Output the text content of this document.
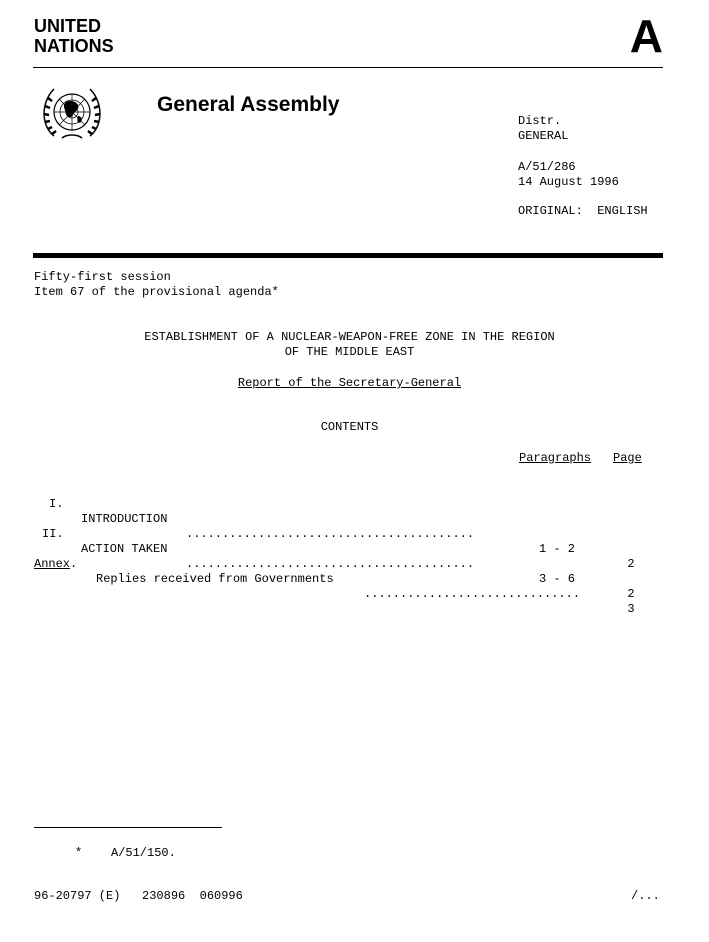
UNITED
NATIONS	A
General Assembly
Distr.
GENERAL
A/51/286
14 August 1996
ORIGINAL:  ENGLISH
Fifty-first session
Item 67 of the provisional agenda*
ESTABLISHMENT OF A NUCLEAR-WEAPON-FREE ZONE IN THE REGION
OF THE MIDDLE EAST
Report of the Secretary-General
CONTENTS
Paragraphs Page

I.

INTRODUCTION

........................................

1 - 2

2

II.

ACTION TAKEN

........................................

3 - 6

2

Annex.

Replies received from Governments

..............................

3

* A/51/150.
96-20797 (E)   230896  060996	/...
